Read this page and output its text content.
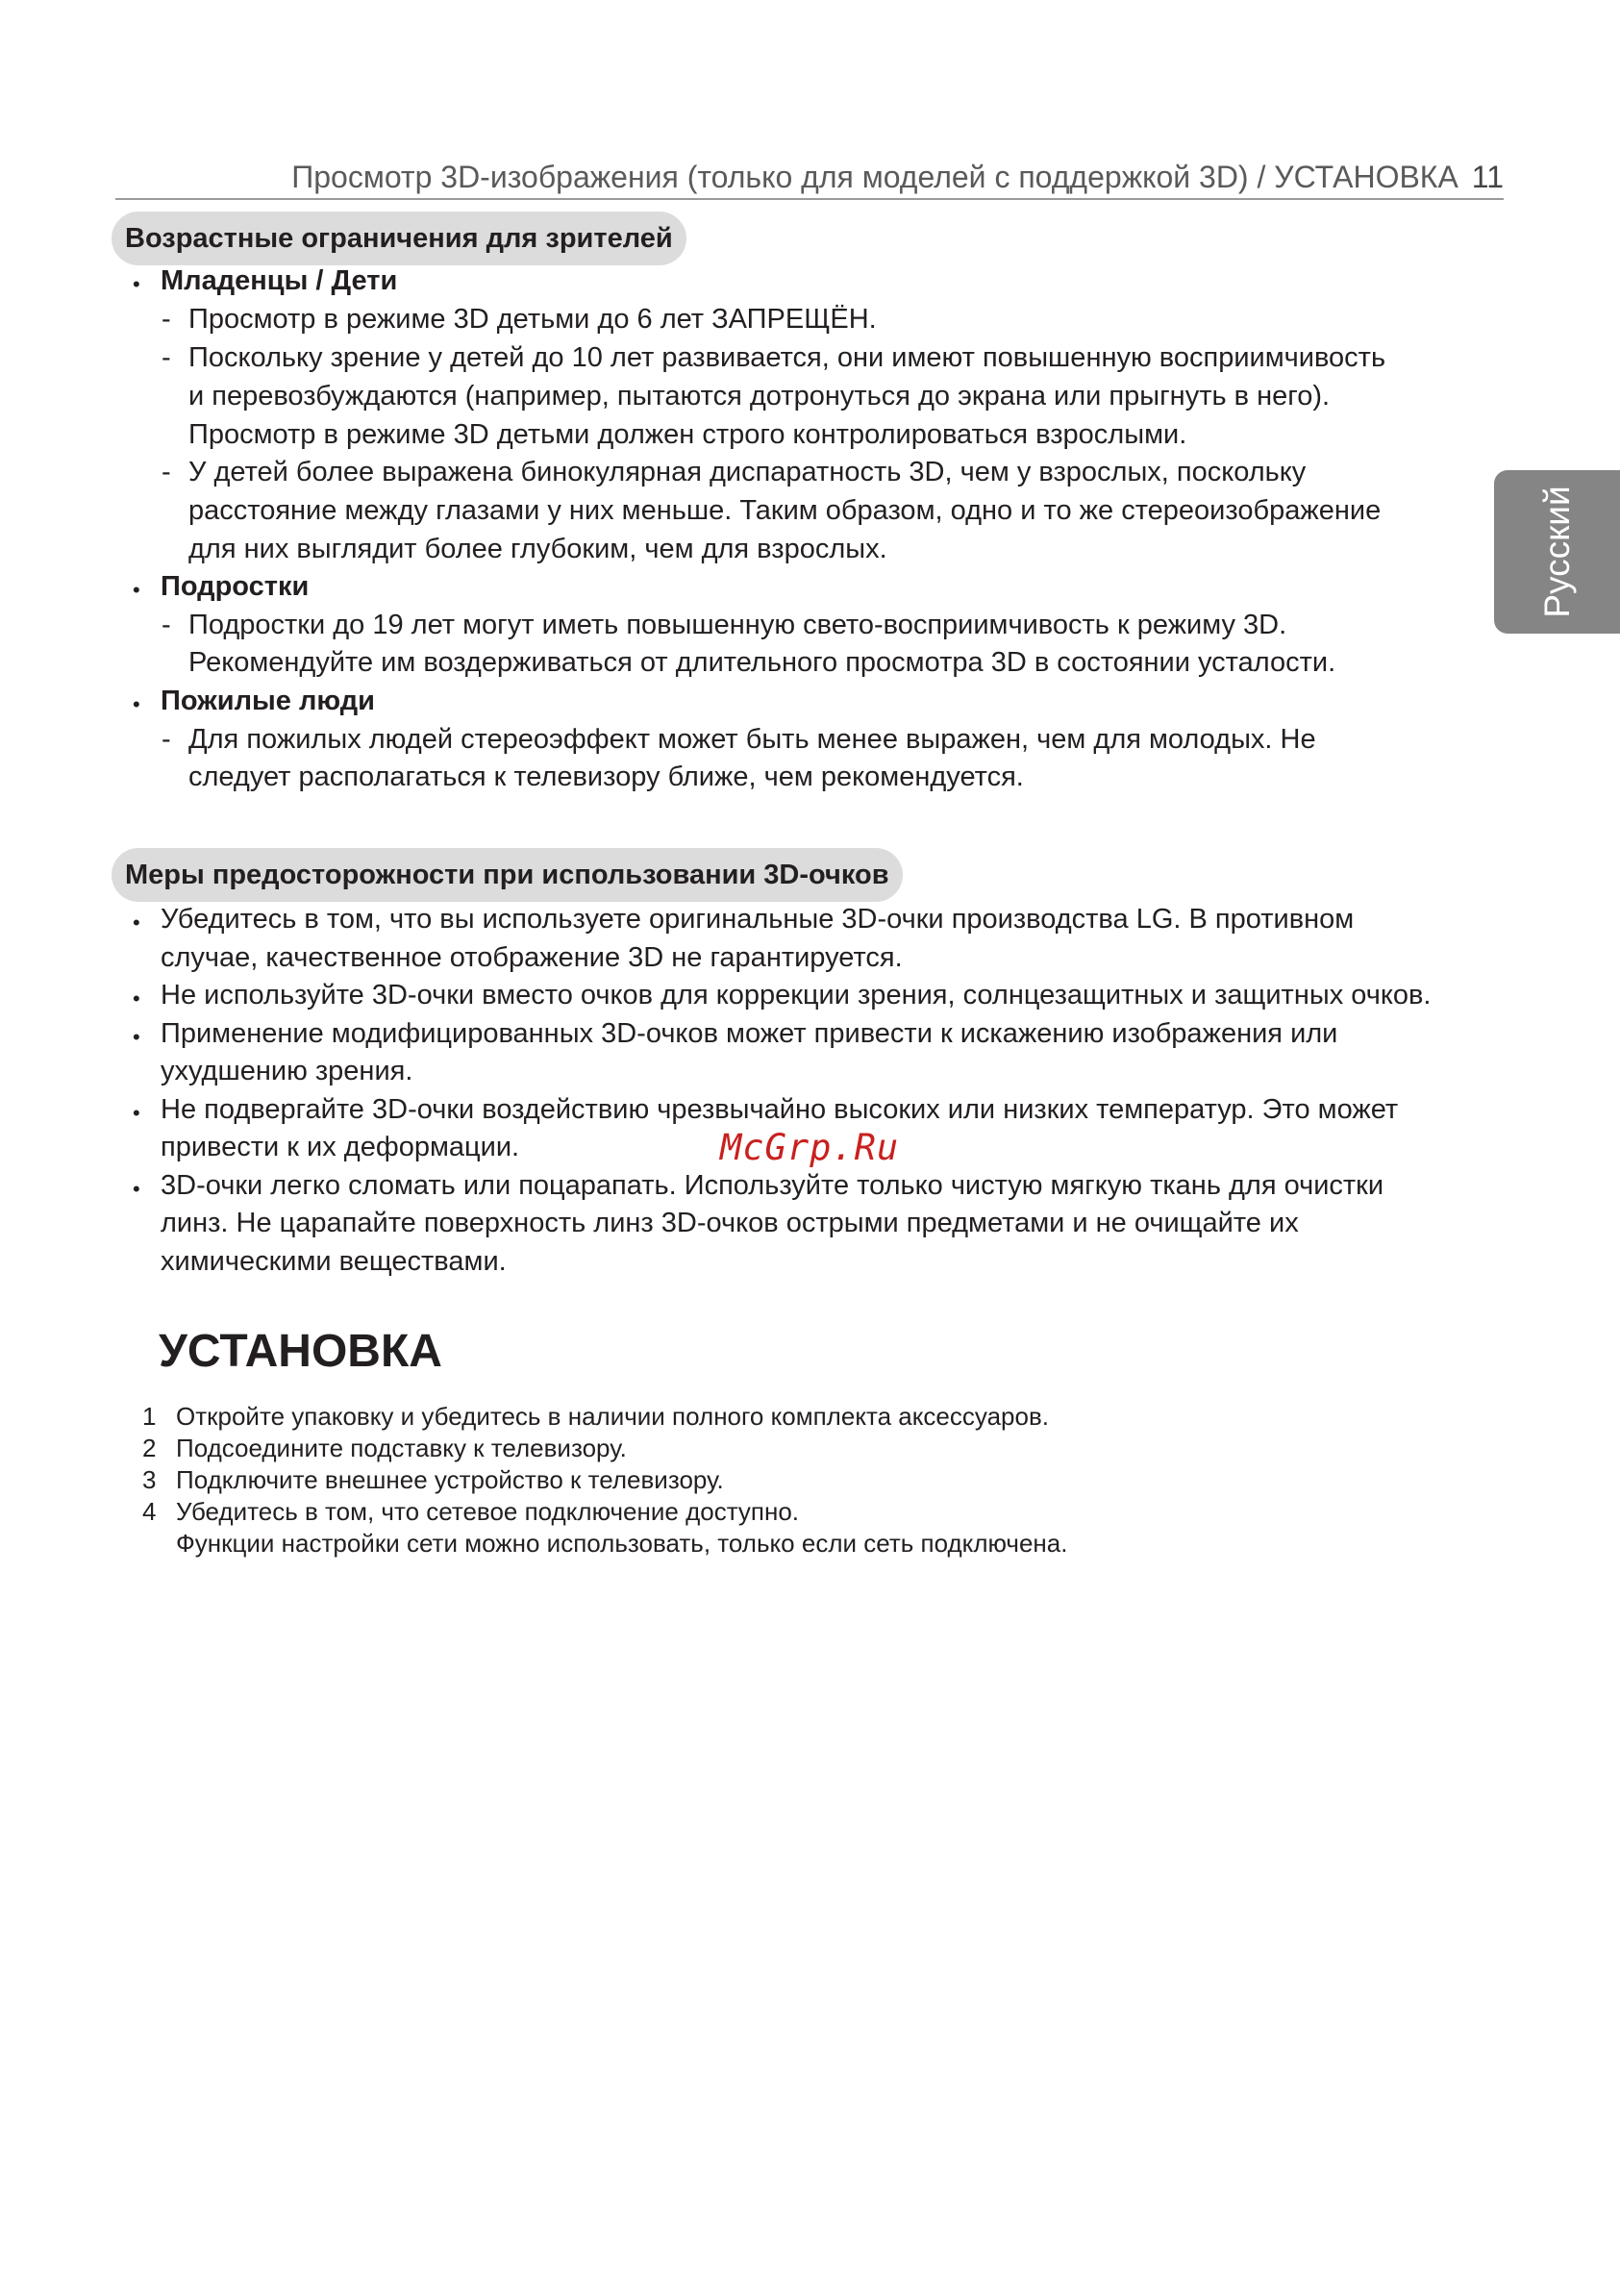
Просмотр 3D-изображения (только для моделей с поддержкой 3D) / УСТАНОВКА 11
Русский
Возрастные ограничения для зрителей
• Младенцы / Дети
- Просмотр в режиме 3D детьми до 6 лет ЗАПРЕЩЁН.
- Поскольку зрение у детей до 10 лет развивается, они имеют повышенную восприимчивость
и перевозбуждаются (например, пытаются дотронуться до экрана или прыгнуть в него).
Просмотр в режиме 3D детьми должен строго контролироваться взрослыми.
- У детей более выражена бинокулярная диспаратность 3D, чем у взрослых, поскольку
расстояние между глазами у них меньше. Таким образом, одно и то же стереоизображение
для них выглядит более глубоким, чем для взрослых.
• Подростки
- Подростки до 19 лет могут иметь повышенную свето-восприимчивость к режиму 3D.
Рекомендуйте им воздерживаться от длительного просмотра 3D в состоянии усталости.
• Пожилые люди
- Для пожилых людей стереоэффект может быть менее выражен, чем для молодых. Не
следует располагаться к телевизору ближе, чем рекомендуется.
Меры предосторожности при использовании 3D-очков
• Убедитесь в том, что вы используете оригинальные 3D-очки производства LG. В противном
случае, качественное отображение 3D не гарантируется.
• Не используйте 3D-очки вместо очков для коррекции зрения, солнцезащитных и защитных очков.
• Применение модифицированных 3D-очков может привести к искажению изображения или
ухудшению зрения.
• Не подвергайте 3D-очки воздействию чрезвычайно высоких или низких температур. Это может
привести к их деформации.	McGrp.Ru
• 3D-очки легко сломать или поцарапать. Используйте только чистую мягкую ткань для очистки
линз. Не царапайте поверхность линз 3D-очков острыми предметами и не очищайте их
химическими веществами.
УСТАНОВКА
1 Откройте упаковку и убедитесь в наличии полного комплекта аксессуаров.
2 Подсоедините подставку к телевизору.
3 Подключите внешнее устройство к телевизору.
4 Убедитесь в том, что сетевое подключение доступно.
Функции настройки сети можно использовать, только если сеть подключена.
